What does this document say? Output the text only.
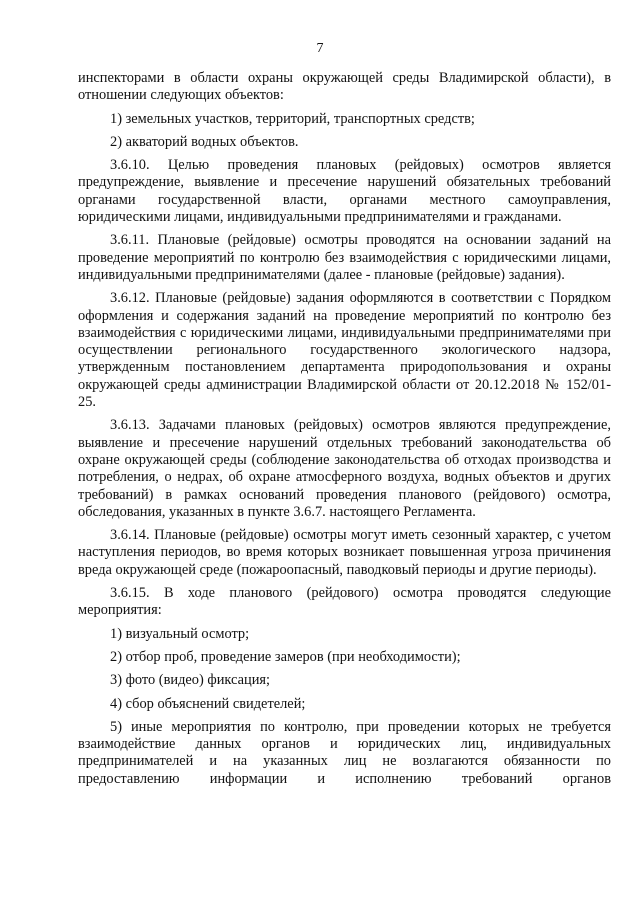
7

инспекторами в области охраны окружающей среды Владимирской области), в отношении следующих объектов:

1) земельных участков, территорий, транспортных средств;

2) акваторий водных объектов.

3.6.10. Целью проведения плановых (рейдовых) осмотров является предупреждение, выявление и пресечение нарушений обязательных требований органами государственной власти, органами местного самоуправления, юридическими лицами, индивидуальными предпринимателями и гражданами.

3.6.11. Плановые (рейдовые) осмотры проводятся на основании заданий на проведение мероприятий по контролю без взаимодействия с юридическими лицами, индивидуальными предпринимателями (далее - плановые (рейдовые) задания).

3.6.12. Плановые (рейдовые) задания оформляются в соответствии с Порядком оформления и содержания заданий на проведение мероприятий по контролю без взаимодействия с юридическими лицами, индивидуальными предпринимателями при осуществлении регионального государственного экологического надзора, утвержденным постановлением департамента природопользования и охраны окружающей среды администрации Владимирской области от 20.12.2018 № 152/01-25.

3.6.13. Задачами плановых (рейдовых) осмотров являются предупреждение, выявление и пресечение нарушений отдельных требований законодательства об охране окружающей среды (соблюдение законодательства об отходах производства и потребления, о недрах, об охране атмосферного воздуха, водных объектов и других требований) в рамках оснований проведения планового (рейдового) осмотра, обследования, указанных в пункте 3.6.7. настоящего Регламента.

3.6.14. Плановые (рейдовые) осмотры могут иметь сезонный характер, с учетом наступления периодов, во время которых возникает повышенная угроза причинения вреда окружающей среде (пожароопасный, паводковый периоды и другие периоды).

3.6.15. В ходе планового (рейдового) осмотра проводятся следующие мероприятия:

1) визуальный осмотр;

2) отбор проб, проведение замеров (при необходимости);

3) фото (видео) фиксация;

4) сбор объяснений свидетелей;

5) иные мероприятия по контролю, при проведении которых не требуется взаимодействие данных органов и юридических лиц, индивидуальных предпринимателей и на указанных лиц не возлагаются обязанности по предоставлению информации и исполнению требований органов
